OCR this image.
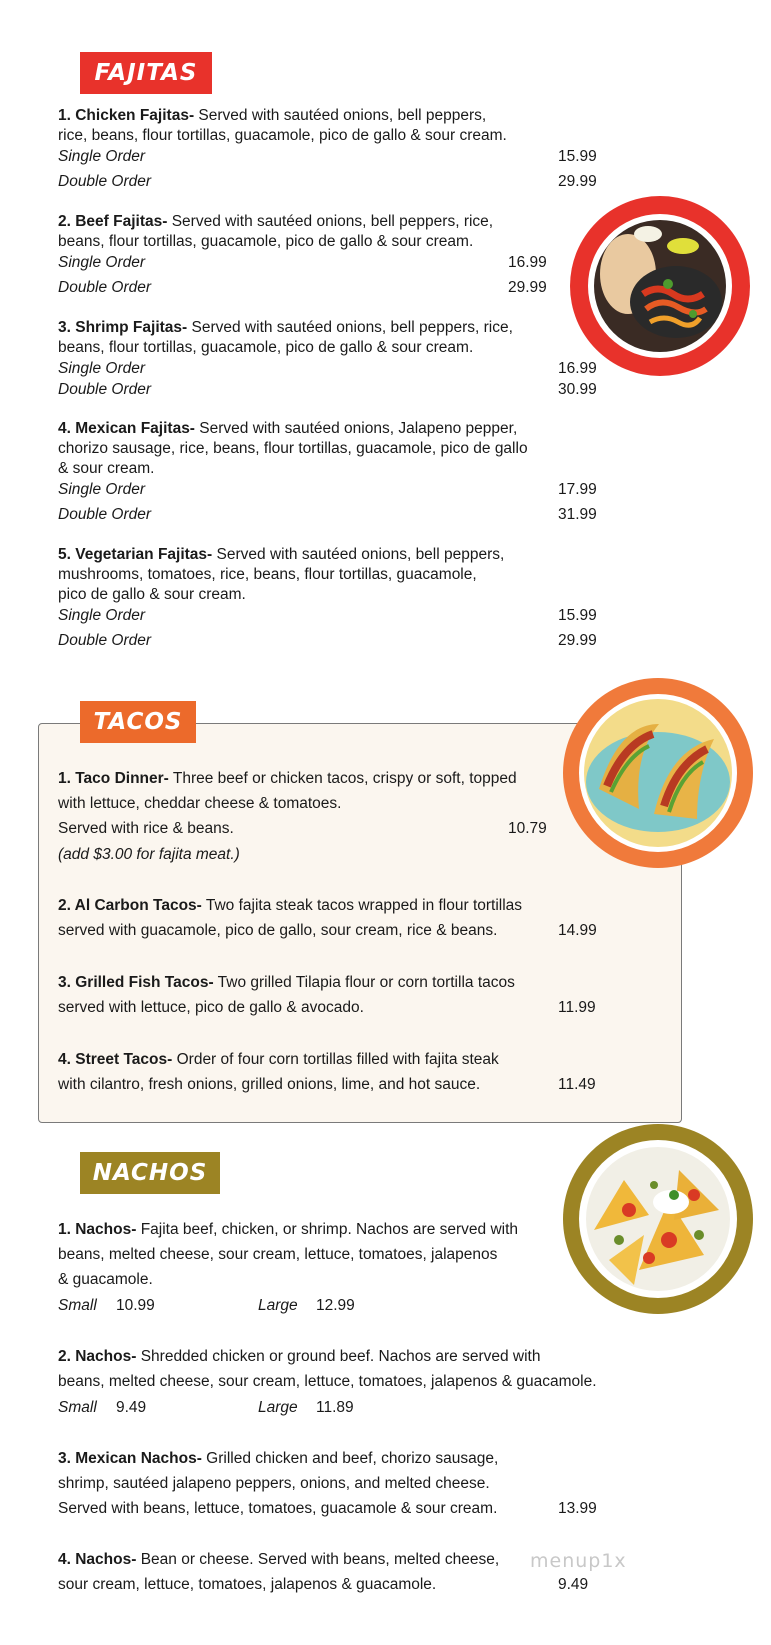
FAJITAS
1. Chicken Fajitas- Served with sautéed onions, bell peppers,
rice, beans, flour tortillas, guacamole, pico de gallo & sour cream.
Single Order	15.99
Double Order	29.99
2. Beef Fajitas- Served with sautéed onions, bell peppers, rice,
beans, flour tortillas, guacamole, pico de gallo & sour cream.
Single Order	16.99
Double Order	29.99
3. Shrimp Fajitas- Served with sautéed onions, bell peppers, rice,
beans, flour tortillas, guacamole, pico de gallo & sour cream.
Single Order	16.99
Double Order	30.99
4. Mexican Fajitas- Served with sautéed onions, Jalapeno pepper,
chorizo sausage, rice, beans, flour tortillas, guacamole, pico de gallo
& sour cream.
Single Order	17.99
Double Order	31.99
5. Vegetarian Fajitas- Served with sautéed onions, bell peppers,
mushrooms, tomatoes, rice, beans, flour tortillas, guacamole,
pico de gallo & sour cream.
Single Order	15.99
Double Order	29.99
TACOS
1. Taco Dinner- Three beef or chicken tacos, crispy or soft, topped
with lettuce, cheddar cheese & tomatoes.
Served with rice & beans.	10.79
(add $3.00 for fajita meat.)
2. Al Carbon Tacos- Two fajita steak tacos wrapped in flour tortillas
served with guacamole, pico de gallo, sour cream, rice & beans.	14.99
3. Grilled Fish Tacos- Two grilled Tilapia flour or corn tortilla tacos
served with lettuce, pico de gallo & avocado.	11.99
4. Street Tacos- Order of four corn tortillas filled with fajita steak
with cilantro, fresh onions, grilled onions, lime, and hot sauce.	11.49
NACHOS
1. Nachos- Fajita beef, chicken, or shrimp. Nachos are served with
beans, melted cheese, sour cream, lettuce, tomatoes, jalapenos
& guacamole.
Small 10.99	Large 12.99
2. Nachos- Shredded chicken or ground beef. Nachos are served with
beans, melted cheese, sour cream, lettuce, tomatoes, jalapenos & guacamole.
Small 9.49	Large 11.89
3. Mexican Nachos- Grilled chicken and beef, chorizo sausage,
shrimp, sautéed jalapeno peppers, onions, and melted cheese.
Served with beans, lettuce, tomatoes, guacamole & sour cream.	13.99
4. Nachos- Bean or cheese. Served with beans, melted cheese,
sour cream, lettuce, tomatoes, jalapenos & guacamole.	9.49
menup1x
